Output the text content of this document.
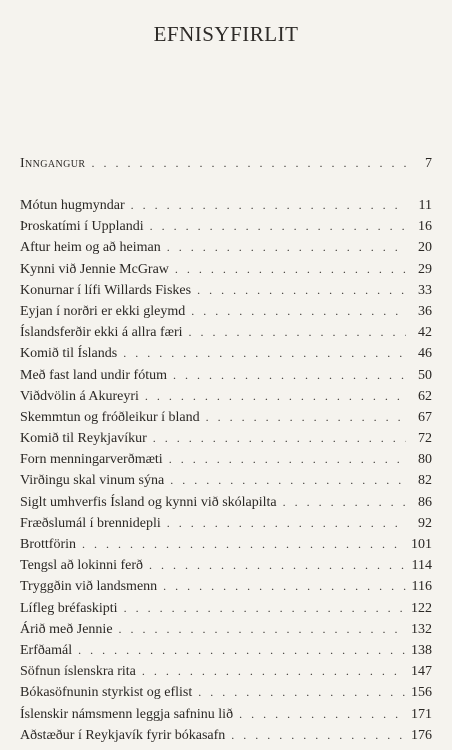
EFNISYFIRLIT
Inngangur . . .	7
Mótun hugmyndar . . .	11
Þroskatími í Upplandi . . .	16
Aftur heim og að heiman . . .	20
Kynni við Jennie McGraw . . .	29
Konurnar í lífi Willards Fiskes . . .	33
Eyjan í norðri er ekki gleymd . . .	36
Íslandsferðir ekki á allra færi . . .	42
Komið til Íslands . . .	46
Með fast land undir fótum . . .	50
Viðdvölin á Akureyri . . .	62
Skemmtun og fróðleikur í bland . . .	67
Komið til Reykjavíkur . . .	72
Forn menningarverðmæti . . .	80
Virðingu skal vinum sýna . . .	82
Siglt umhverfis Ísland og kynni við skólapilta . . .	86
Fræðslumál í brennidepli . . .	92
Brottförin . . .	101
Tengsl að lokinni ferð . . .	114
Tryggðin við landsmenn . . .	116
Lífleg bréfaskipti . . .	122
Árið með Jennie . . .	132
Erfðamál . . .	138
Söfnun íslenskra rita . . .	147
Bókasöfnunin styrkist og eflist . . .	156
Íslenskir námsmenn leggja safninu lið . . .	171
Aðstæður í Reykjavík fyrir bókasafn . . .	176
